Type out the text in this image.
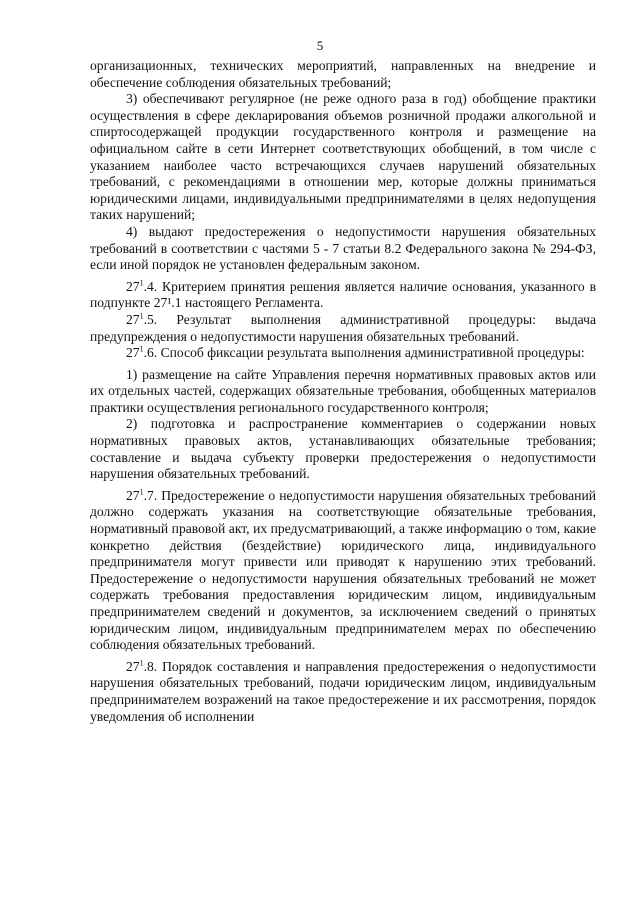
5

организационных, технических мероприятий, направленных на внедрение и обеспечение соблюдения обязательных требований;

3) обеспечивают регулярное (не реже одного раза в год) обобщение практики осуществления в сфере декларирования объемов розничной продажи алкогольной и спиртосодержащей продукции государственного контроля и размещение на официальном сайте в сети Интернет соответствующих обобщений, в том числе с указанием наиболее часто встречающихся случаев нарушений обязательных требований, с рекомендациями в отношении мер, которые должны приниматься юридическими лицами, индивидуальными предпринимателями в целях недопущения таких нарушений;

4) выдают предостережения о недопустимости нарушения обязательных требований в соответствии с частями 5 - 7 статьи 8.2 Федерального закона № 294-ФЗ, если иной порядок не установлен федеральным законом.

$27^1.4$. Критерием принятия решения является наличие основания, указанного в подпункте 27¹.1 настоящего Регламента.

$27^1.5$. Результат выполнения административной процедуры: выдача предупреждения о недопустимости нарушения обязательных требований.

$27^1.6$. Способ фиксации результата выполнения административной процедуры:

1) размещение на сайте Управления перечня нормативных правовых актов или их отдельных частей, содержащих обязательные требования, обобщенных материалов практики осуществления регионального государственного контроля;

2) подготовка и распространение комментариев о содержании новых нормативных правовых актов, устанавливающих обязательные требования; составление и выдача субъекту проверки предостережения о недопустимости нарушения обязательных требований.

$27^1.7$. Предостережение о недопустимости нарушения обязательных требований должно содержать указания на соответствующие обязательные требования, нормативный правовой акт, их предусматривающий, а также информацию о том, какие конкретно действия (бездействие) юридического лица, индивидуального предпринимателя могут привести или приводят к нарушению этих требований. Предостережение о недопустимости нарушения обязательных требований не может содержать требования предоставления юридическим лицом, индивидуальным предпринимателем сведений и документов, за исключением сведений о принятых юридическим лицом, индивидуальным предпринимателем мерах по обеспечению соблюдения обязательных требований.

$27^1.8$. Порядок составления и направления предостережения о недопустимости нарушения обязательных требований, подачи юридическим лицом, индивидуальным предпринимателем возражений на такое предостережение и их рассмотрения, порядок уведомления об исполнении
